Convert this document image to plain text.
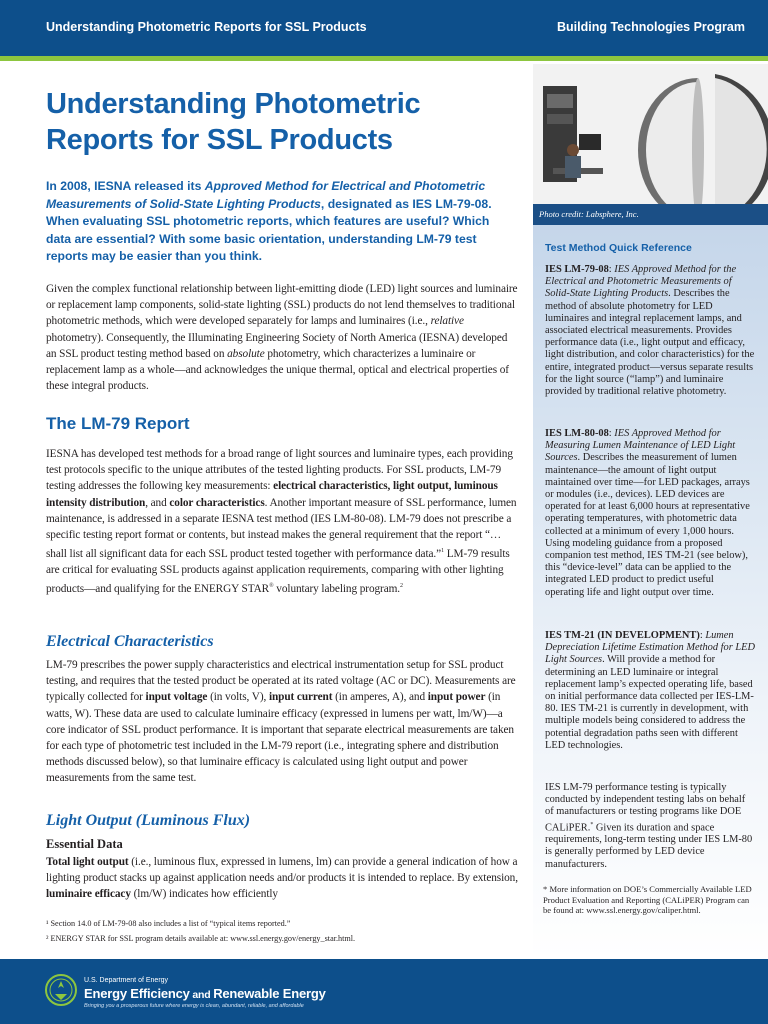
Understanding Photometric Reports for SSL Products	Building Technologies Program
Understanding Photometric
Reports for SSL Products

In 2008, IESNA released its Approved Method for Electrical and Photometric Measurements of Solid-State Lighting Products, designated as IES LM-79-08. When evaluating SSL photometric reports, which features are useful? Which data are essential? With some basic orientation, understanding LM-79 test reports may be easier than you think.

Given the complex functional relationship between light-emitting diode (LED) light sources and luminaire or replacement lamp components, solid-state lighting (SSL) products do not lend themselves to traditional photometric methods, which were developed separately for lamps and luminaires (i.e., relative photometry). Consequently, the Illuminating Engineering Society of North America (IESNA) developed an SSL product testing method based on absolute photometry, which characterizes a luminaire or replacement lamp as a whole—and acknowledges the unique thermal, optical and electrical properties of these integral products.

The LM-79 Report

IESNA has developed test methods for a broad range of light sources and luminaire types, each providing test protocols specific to the unique attributes of the tested lighting products. For SSL products, LM-79 testing addresses the following key measurements: electrical characteristics, light output, luminous intensity distribution, and color characteristics. Another important measure of SSL performance, lumen maintenance, is addressed in a separate IESNA test method (IES LM-80-08). LM-79 does not prescribe a specific testing report format or contents, but instead makes the general requirement that the report “… shall list all significant data for each SSL product tested together with performance data.”$^1$ LM-79 results are critical for evaluating SSL products against application requirements, comparing with other lighting products—and qualifying for the ENERGY STAR® voluntary labeling program.$^2$

Electrical Characteristics

LM-79 prescribes the power supply characteristics and electrical instrumentation setup for SSL product testing, and requires that the tested product be operated at its rated voltage (AC or DC). Measurements are typically collected for input voltage (in volts, V), input current (in amperes, A), and input power (in watts, W). These data are used to calculate luminaire efficacy (expressed in lumens per watt, lm/W)—a core indicator of SSL product performance. It is important that separate electrical measurements are taken for each type of photometric test included in the LM-79 report (i.e., integrating sphere and distribution methods discussed below), so that luminaire efficacy is calculated using light output and power measurements from the same test.

Light Output (Luminous Flux)
Essential Data

Total light output (i.e., luminous flux, expressed in lumens, lm) can provide a general indication of how a lighting product stacks up against application needs and/or products it is intended to replace. By extension, luminaire efficacy (lm/W) indicates how efficiently

¹ Section 14.0 of LM-79-08 also includes a list of “typical items reported.”

² ENERGY STAR for SSL program details available at: www.ssl.energy.gov/energy_star.html.

Photo credit: Labsphere, Inc.
Test Method Quick Reference

IES LM-79-08: IES Approved Method for the Electrical and Photometric Measurements of Solid-State Lighting Products. Describes the method of absolute photometry for LED luminaires and integral replacement lamps, and associated electrical measurements. Provides performance data (i.e., light output and efficacy, light distribution, and color characteristics) for the entire, integrated product—versus separate results for the light source (“lamp”) and luminaire provided by traditional relative photometry.

IES LM-80-08: IES Approved Method for Measuring Lumen Maintenance of LED Light Sources. Describes the measurement of lumen maintenance—the amount of light output maintained over time—for LED packages, arrays or modules (i.e., devices). LED devices are operated for at least 6,000 hours at representative operating temperatures, with photometric data collected at a minimum of every 1,000 hours. Using modeling guidance from a proposed companion test method, IES TM-21 (see below), this “device-level” data can be applied to the integrated LED product to predict useful operating life and light output over time.

IES TM-21 (IN DEVELOPMENT): Lumen Depreciation Lifetime Estimation Method for LED Light Sources. Will provide a method for determining an LED luminaire or integral replacement lamp’s expected operating life, based on initial performance data collected per IES-LM-80. IES TM-21 is currently in development, with multiple models being considered to address the potential degradation paths seen with different LED technologies.

IES LM-79 performance testing is typically conducted by independent testing labs on behalf of manufacturers or testing programs like DOE CALiPER.* Given its duration and space requirements, long-term testing under IES LM-80 is generally performed by LED device manufacturers.

* More information on DOE’s Commercially Available LED Product Evaluation and Reporting (CALiPER) Program can be found at: www.ssl.energy.gov/caliper.html.

U.S. Department of Energy

Energy Efficiency and Renewable Energy

Bringing you a prosperous future where energy is clean, abundant, reliable, and affordable
